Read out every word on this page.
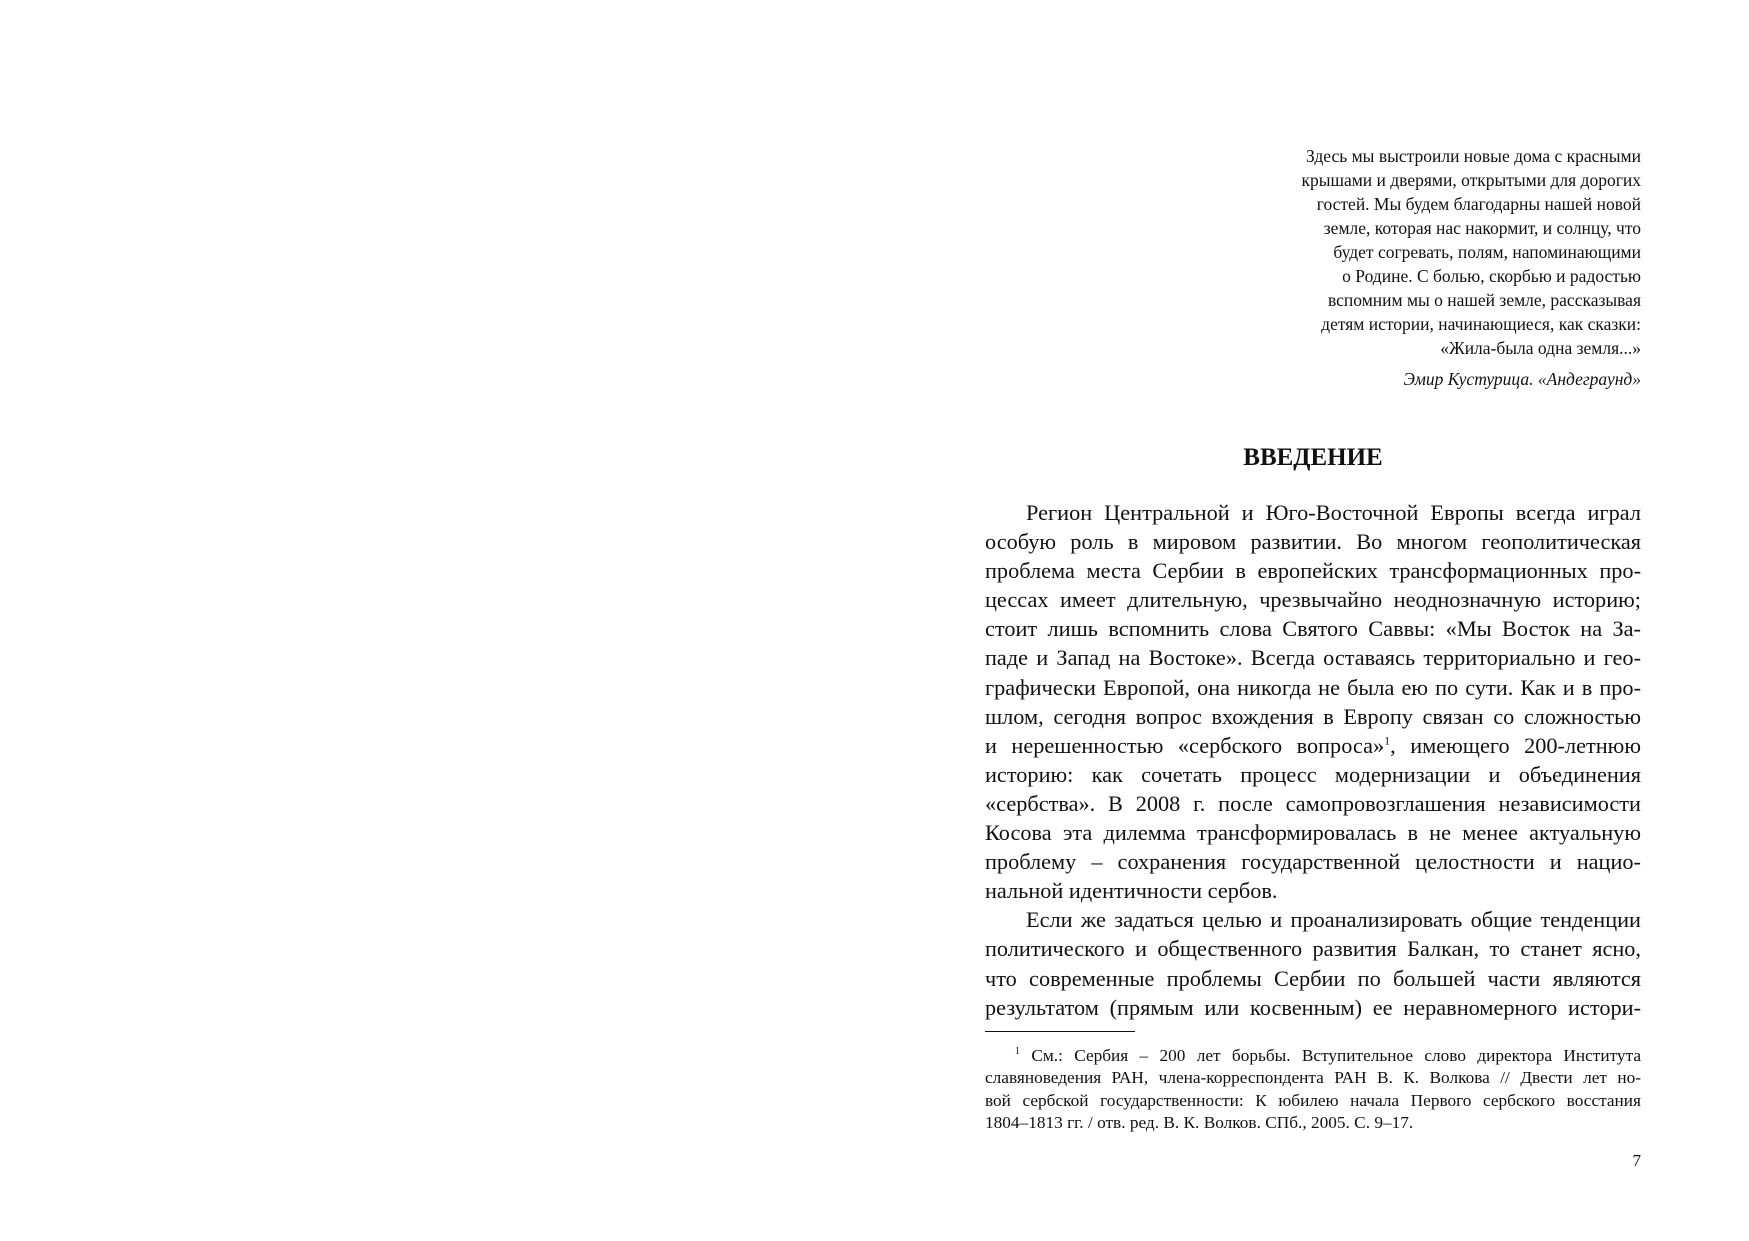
Здесь мы выстроили новые дома с красными
крышами и дверями, открытыми для дорогих
гостей. Мы будем благодарны нашей новой
земле, которая нас накормит, и солнцу, что
будет согревать, полям, напоминающими
о Родине. С болью, скорбью и радостью
вспомним мы о нашей земле, рассказывая
детям истории, начинающиеся, как сказки:
«Жила-была одна земля...»
Эмир Кустурица. «Андеграунд»
ВВЕДЕНИЕ
Регион Центральной и Юго-Восточной Европы всегда играл
особую роль в мировом развитии. Во многом геополитическая
проблема места Сербии в европейских трансформационных про-
цессах имеет длительную, чрезвычайно неоднозначную историю;
стоит лишь вспомнить слова Святого Саввы: «Мы Восток на За-
паде и Запад на Востоке». Всегда оставаясь территориально и гео-
графически Европой, она никогда не была ею по сути. Как и в про-
шлом, сегодня вопрос вхождения в Европу связан со сложностью
и нерешенностью «сербского вопроса»$^1$, имеющего 200-летнюю
историю: как сочетать процесс модернизации и объединения
«сербства». В 2008 г. после самопровозглашения независимости
Косова эта дилемма трансформировалась в не менее актуальную
проблему – сохранения государственной целостности и нацио-
нальной идентичности сербов.
Если же задаться целью и проанализировать общие тенденции
политического и общественного развития Балкан, то станет ясно,
что современные проблемы Сербии по большей части являются
результатом (прямым или косвенным) ее неравномерного истори-
$^1$ См.: Сербия – 200 лет борьбы. Вступительное слово директора Института
славяноведения РАН, члена-корреспондента РАН В. К. Волкова // Двести лет но-
вой сербской государственности: К юбилею начала Первого сербского восстания
1804–1813 гг. / отв. ред. В. К. Волков. СПб., 2005. С. 9–17.
7
